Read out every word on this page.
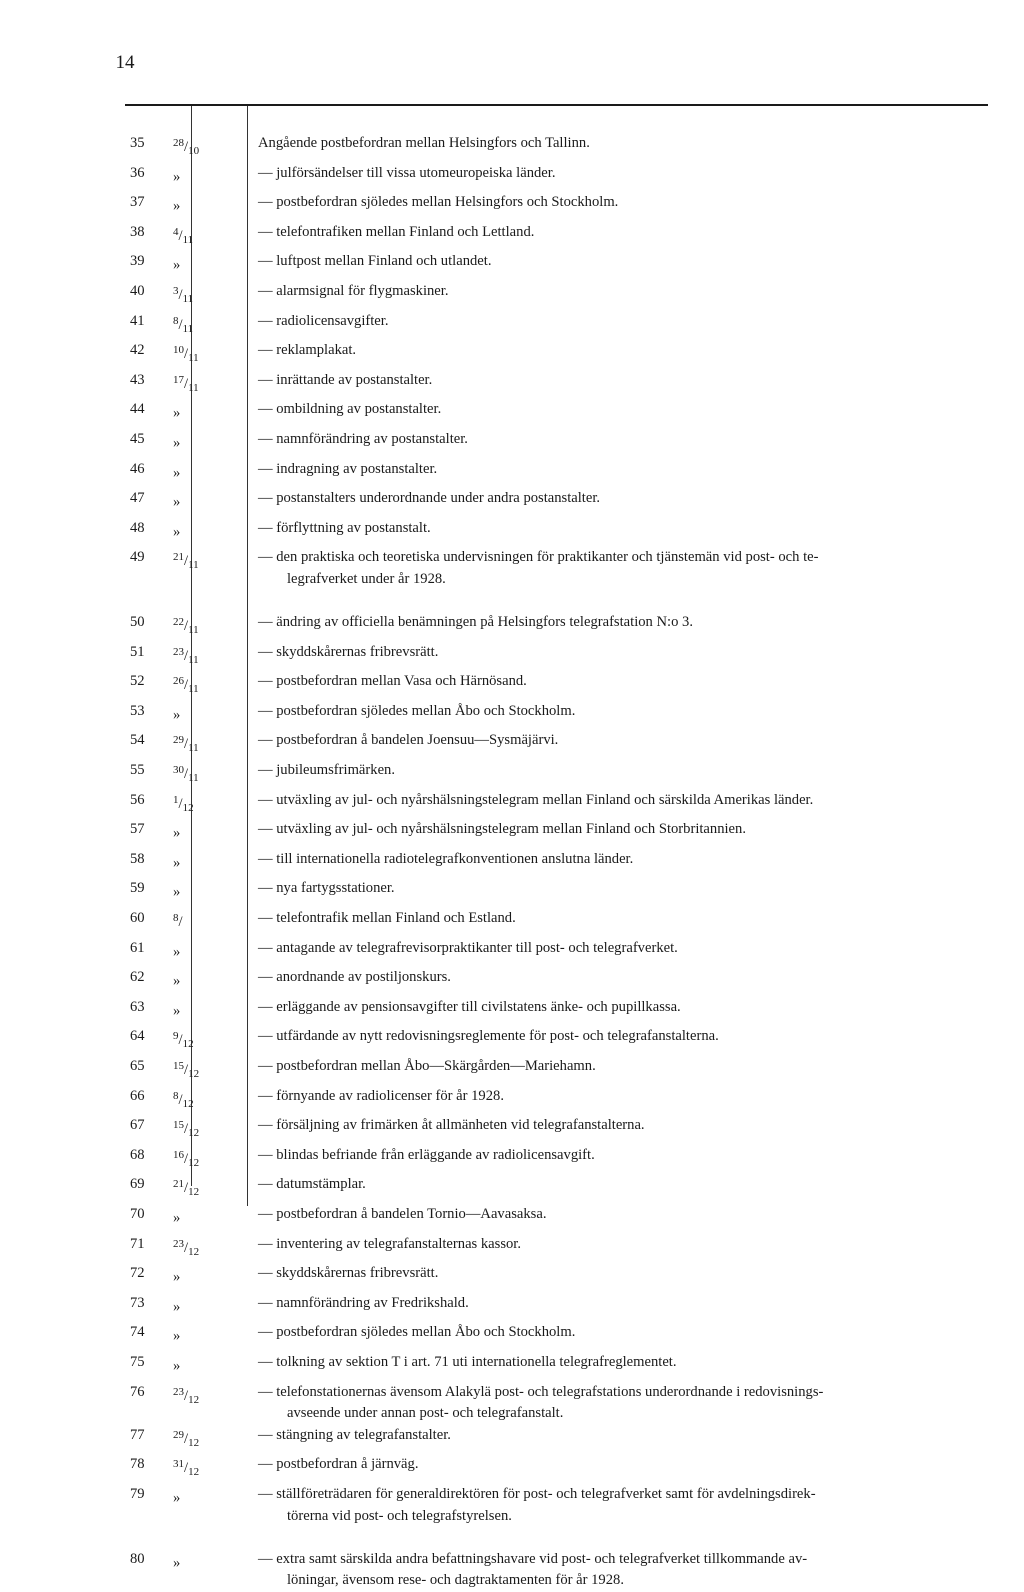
14
35	$^{28}/_{10}$	Angående postbefordran mellan Helsingfors och Tallinn.
36	»	— julförsändelser till vissa utomeuropeiska länder.
37	»	— postbefordran sjöledes mellan Helsingfors och Stockholm.
38	$^4/_{11}$	— telefontrafiken mellan Finland och Lettland.
39	»	— luftpost mellan Finland och utlandet.
40	$^3/_{11}$	— alarmsignal för flygmaskiner.
41	$^8/_{11}$	— radiolicensavgifter.
42	$^{10}/_{11}$	— reklamplakat.
43	$^{17}/_{11}$	— inrättande av postanstalter.
44	»	— ombildning av postanstalter.
45	»	— namnförändring av postanstalter.
46	»	— indragning av postanstalter.
47	»	— postanstalters underordnande under andra postanstalter.
48	»	— förflyttning av postanstalt.
49	$^{21}/_{11}$	— den praktiska och teoretiska undervisningen för praktikanter och tjänstemän vid post- och te-
legrafverket under år 1928.
50	$^{22}/_{11}$	— ändring av officiella benämningen på Helsingfors telegrafstation N:o 3.
51	$^{23}/_{11}$	— skyddskårernas fribrevsrätt.
52	$^{26}/_{11}$	— postbefordran mellan Vasa och Härnösand.
53	»	— postbefordran sjöledes mellan Åbo och Stockholm.
54	$^{29}/_{11}$	— postbefordran å bandelen Joensuu—Sysmäjärvi.
55	$^{30}/_{11}$	— jubileumsfrimärken.
56	$^1/_{12}$	— utväxling av jul- och nyårshälsningstelegram mellan Finland och särskilda Amerikas länder.
57	»	— utväxling av jul- och nyårshälsningstelegram mellan Finland och Storbritannien.
58	»	— till internationella radiotelegrafkonventionen anslutna länder.
59	»	— nya fartygsstationer.
60	$^8$/	— telefontrafik mellan Finland och Estland.
61	»	— antagande av telegrafrevisorpraktikanter till post- och telegrafverket.
62	»	— anordnande av postiljonskurs.
63	»	— erläggande av pensionsavgifter till civilstatens änke- och pupillkassa.
64	$^9/_{12}$	— utfärdande av nytt redovisningsreglemente för post- och telegrafanstalterna.
65	$^{15}/_{12}$	— postbefordran mellan Åbo—Skärgården—Mariehamn.
66	$^8/_{12}$	— förnyande av radiolicenser för år 1928.
67	$^{15}/_{12}$	— försäljning av frimärken åt allmänheten vid telegrafanstalterna.
68	$^{16}/_{12}$	— blindas befriande från erläggande av radiolicensavgift.
69	$^{21}/_{12}$	— datumstämplar.
70	»	— postbefordran å bandelen Tornio—Aavasaksa.
71	$^{23}/_{12}$	— inventering av telegrafanstalternas kassor.
72	»	— skyddskårernas fribrevsrätt.
73	»	— namnförändring av Fredrikshald.
74	»	— postbefordran sjöledes mellan Åbo och Stockholm.
75	»	— tolkning av sektion T i art. 71 uti internationella telegrafreglementet.
76	$^{23}/_{12}$	— telefonstationernas ävensom Alakylä post- och telegrafstations underordnande i redovisnings-
avseende under annan post- och telegrafanstalt.
77	$^{29}/_{12}$	— stängning av telegrafanstalter.
78	$^{31}/_{12}$	— postbefordran å järnväg.
79	»	— ställföreträdaren för generaldirektören för post- och telegrafverket samt för avdelningsdirek-
törerna vid post- och telegrafstyrelsen.
80	»	— extra samt särskilda andra befattningshavare vid post- och telegrafverket tillkommande av-
löningar, ävensom rese- och dagtraktamenten för år 1928.
